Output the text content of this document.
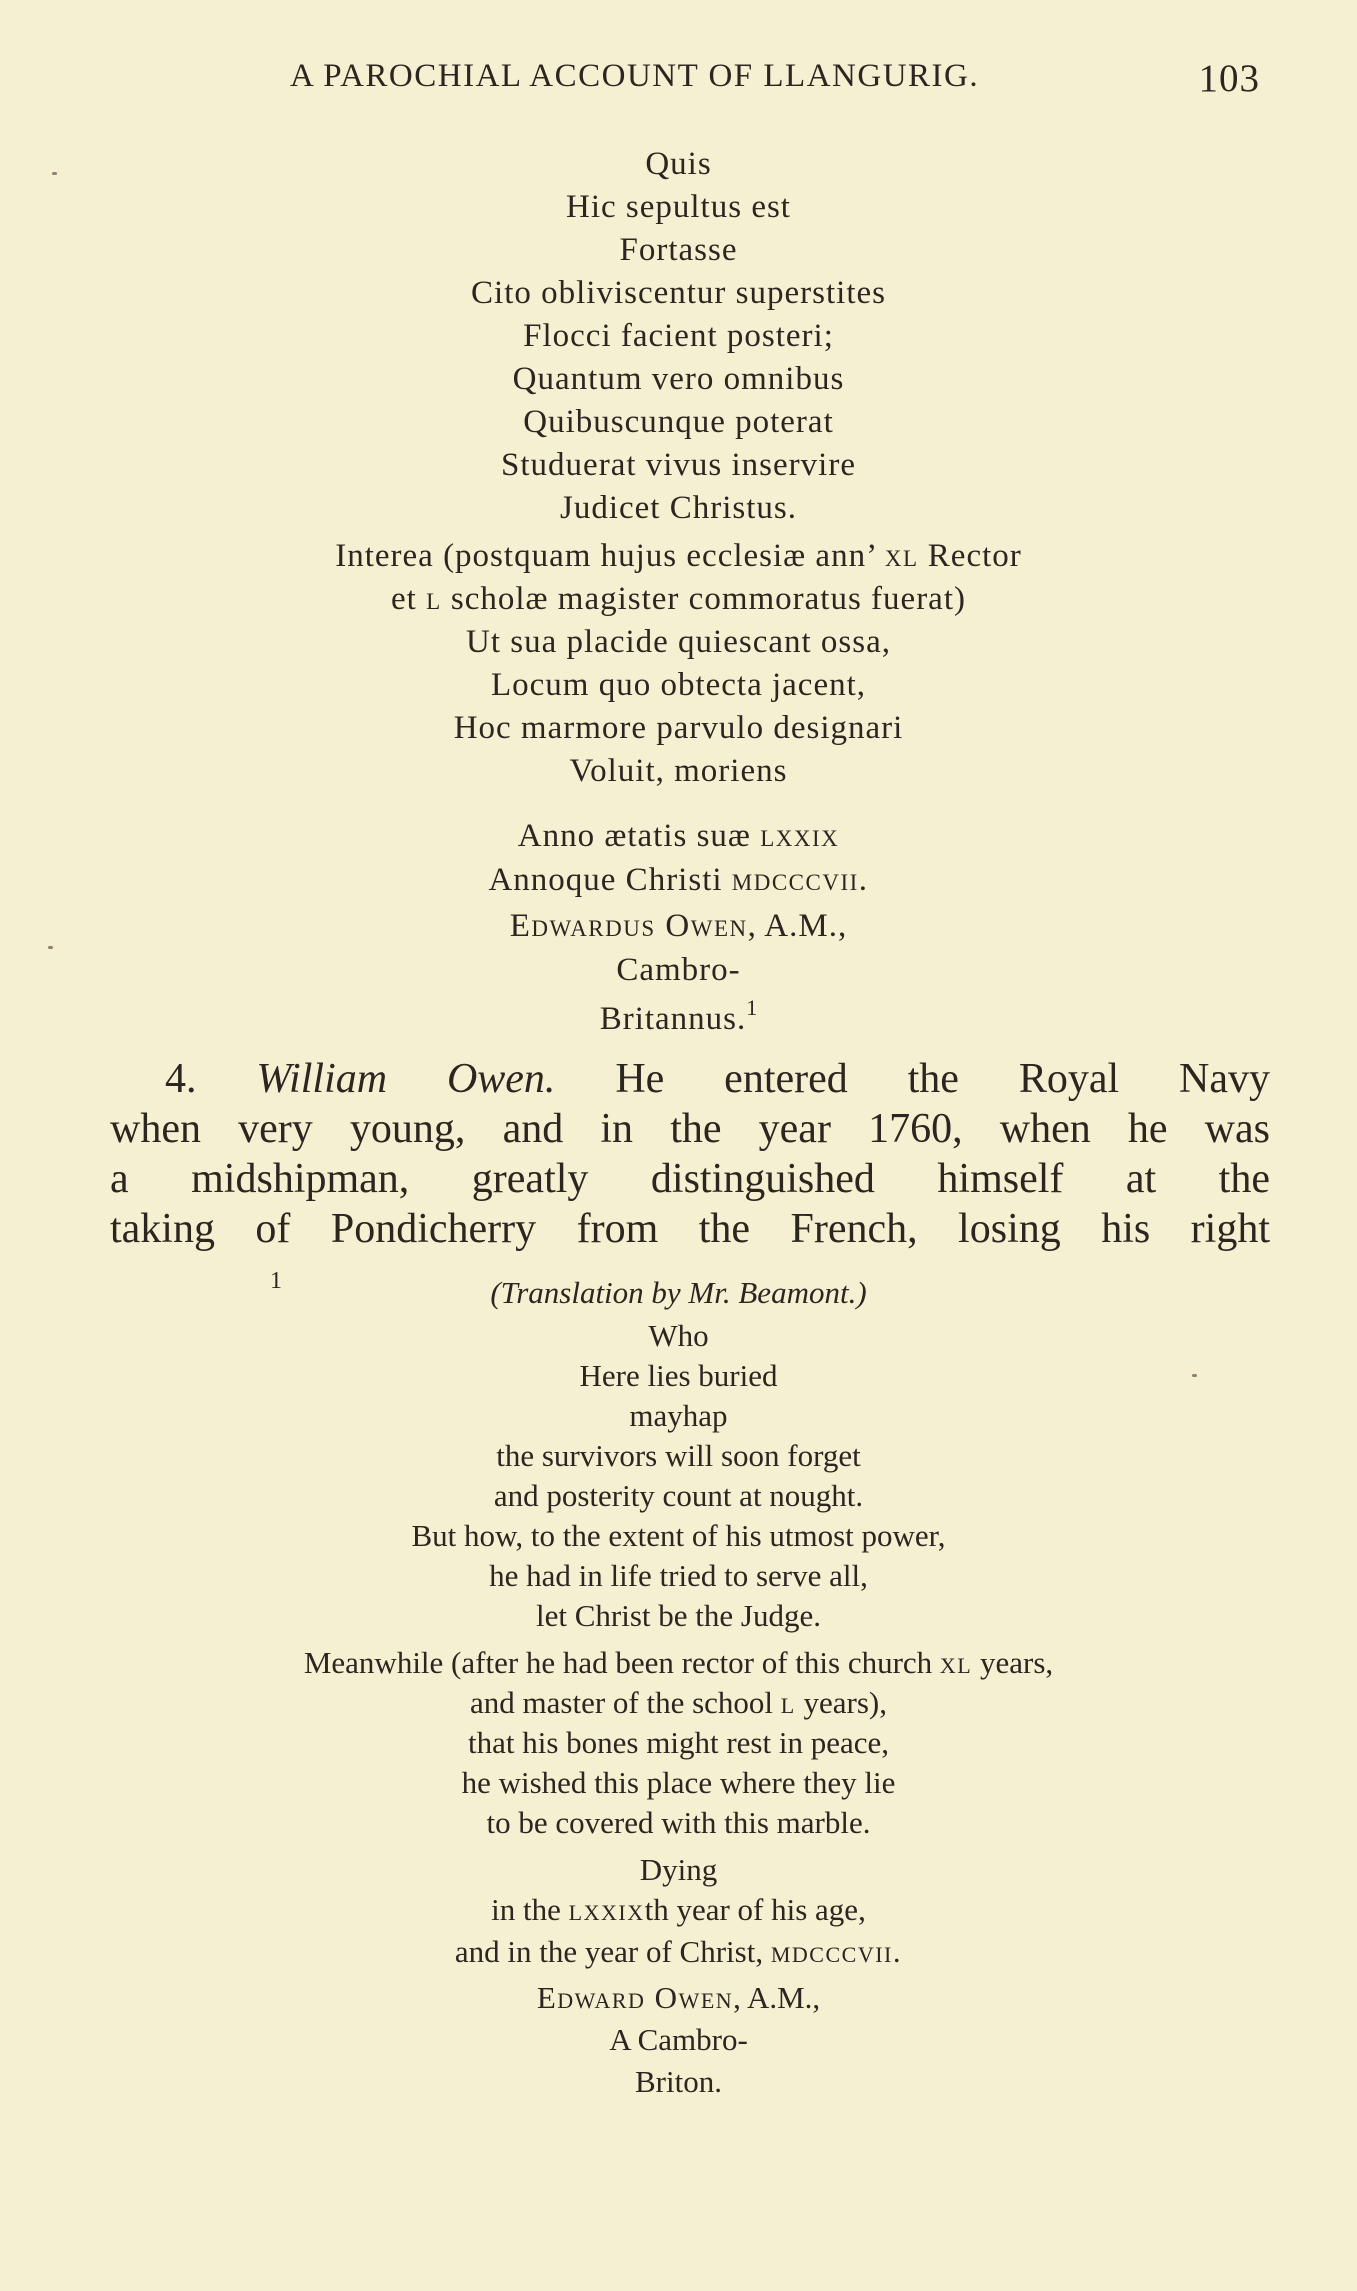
A PAROCHIAL ACCOUNT OF LLANGURIG.	103
Quis
Hic sepultus est
Fortasse
Cito obliviscentur superstites
Flocci facient posteri;
Quantum vero omnibus
Quibuscunque poterat
Studuerat vivus inservire
Judicet Christus.
Interea (postquam hujus ecclesiæ ann’ xl Rector
et l scholæ magister commoratus fuerat)
Ut sua placide quiescant ossa,
Locum quo obtecta jacent,
Hoc marmore parvulo designari
Voluit, moriens
Anno ætatis suæ lxxix
Annoque Christi mdcccvii.
Edwardus Owen, A.M.,
Cambro-
Britannus.$^1$
4. William Owen. He entered the Royal Navy
when very young, and in the year 1760, when he was
a midshipman, greatly distinguished himself at the
taking of Pondicherry from the French, losing his right
1	(Translation by Mr. Beamont.)
Who
Here lies buried
mayhap
the survivors will soon forget
and posterity count at nought.
But how, to the extent of his utmost power,
he had in life tried to serve all,
let Christ be the Judge.
Meanwhile (after he had been rector of this church xl years,
and master of the school l years),
that his bones might rest in peace,
he wished this place where they lie
to be covered with this marble.
Dying
in the lxxixth year of his age,
and in the year of Christ, mdcccvii.
Edward Owen, A.M.,
A Cambro-
Briton.
